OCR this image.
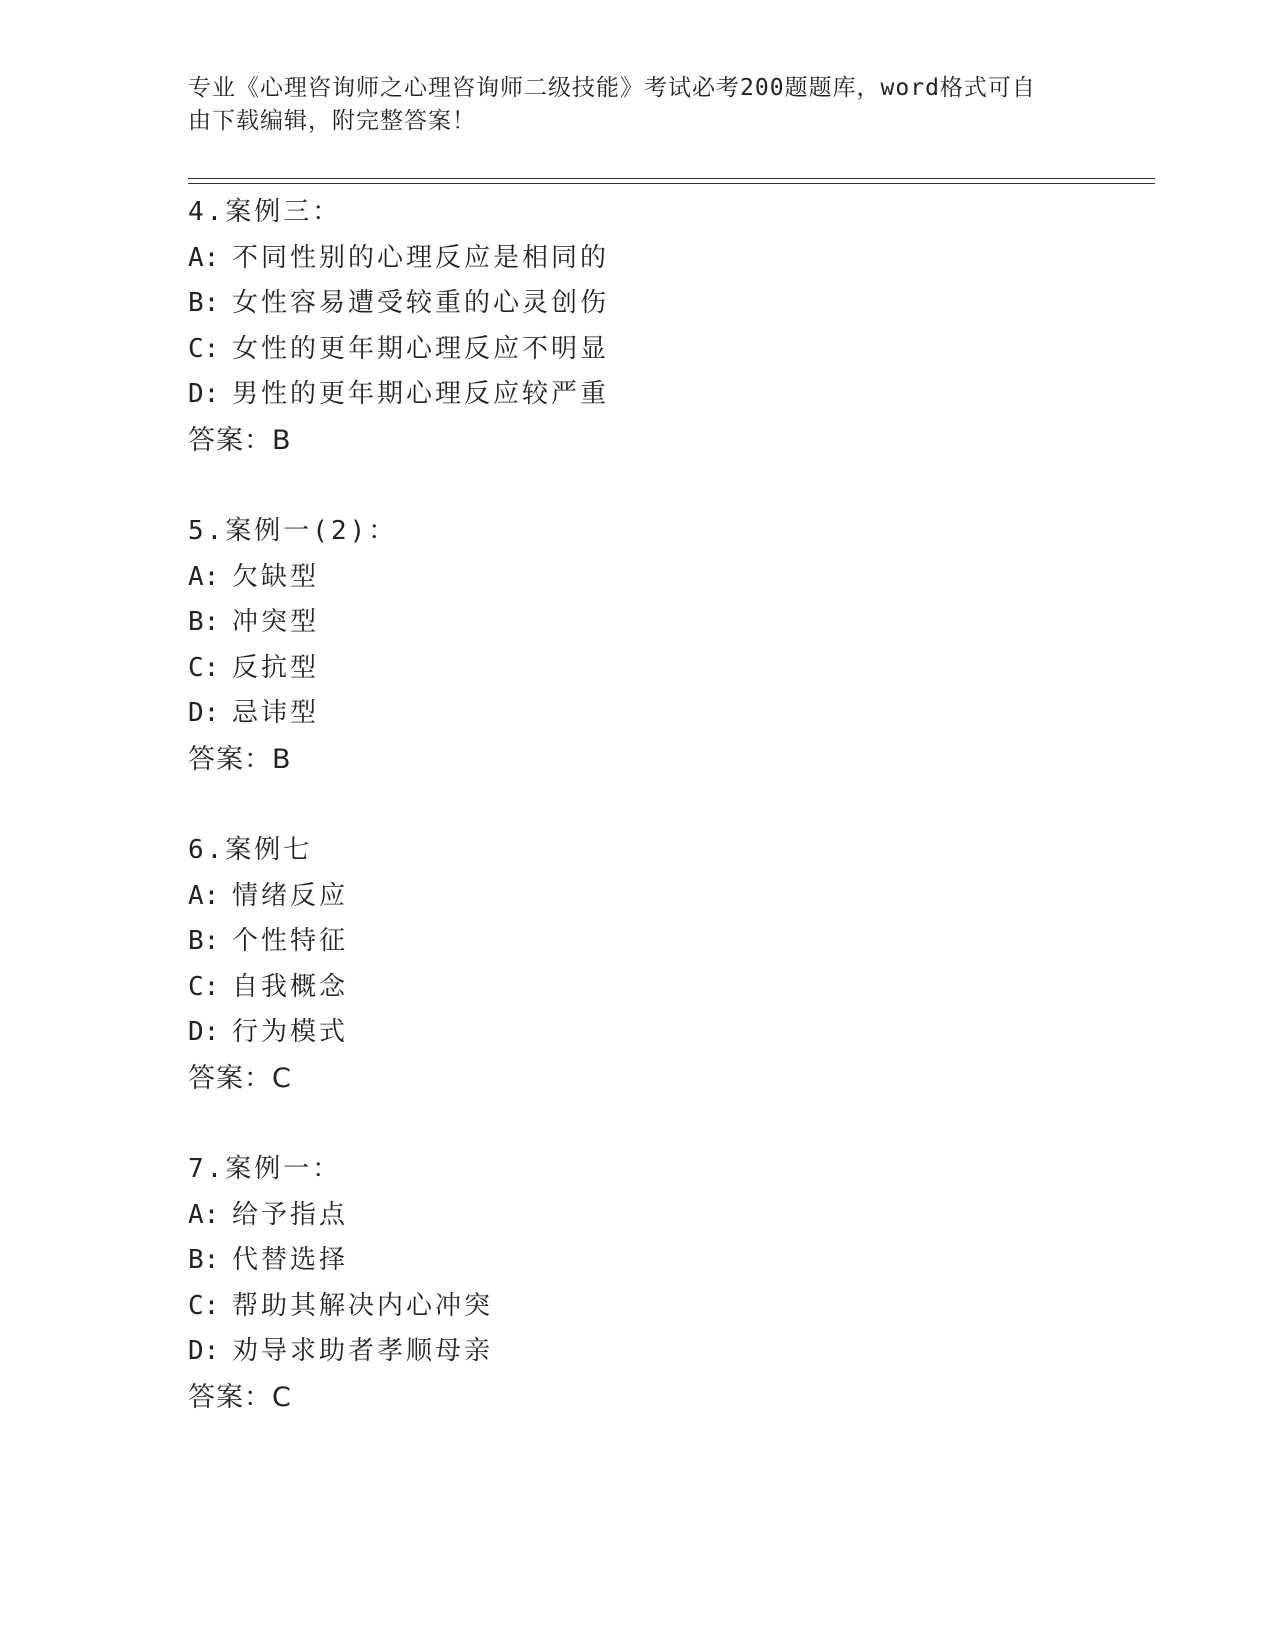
专业《心理咨询师之心理咨询师二级技能》考试必考200题题库，word格式可自
由下载编辑，附完整答案！
4.案例三：
A: 不同性别的心理反应是相同的
B: 女性容易遭受较重的心灵创伤
C: 女性的更年期心理反应不明显
D: 男性的更年期心理反应较严重
答案：B
5.案例一(2)：
A: 欠缺型
B: 冲突型
C: 反抗型
D: 忌讳型
答案：B
6.案例七
A: 情绪反应
B: 个性特征
C: 自我概念
D: 行为模式
答案：C
7.案例一：
A: 给予指点
B: 代替选择
C: 帮助其解决内心冲突
D: 劝导求助者孝顺母亲
答案：C
